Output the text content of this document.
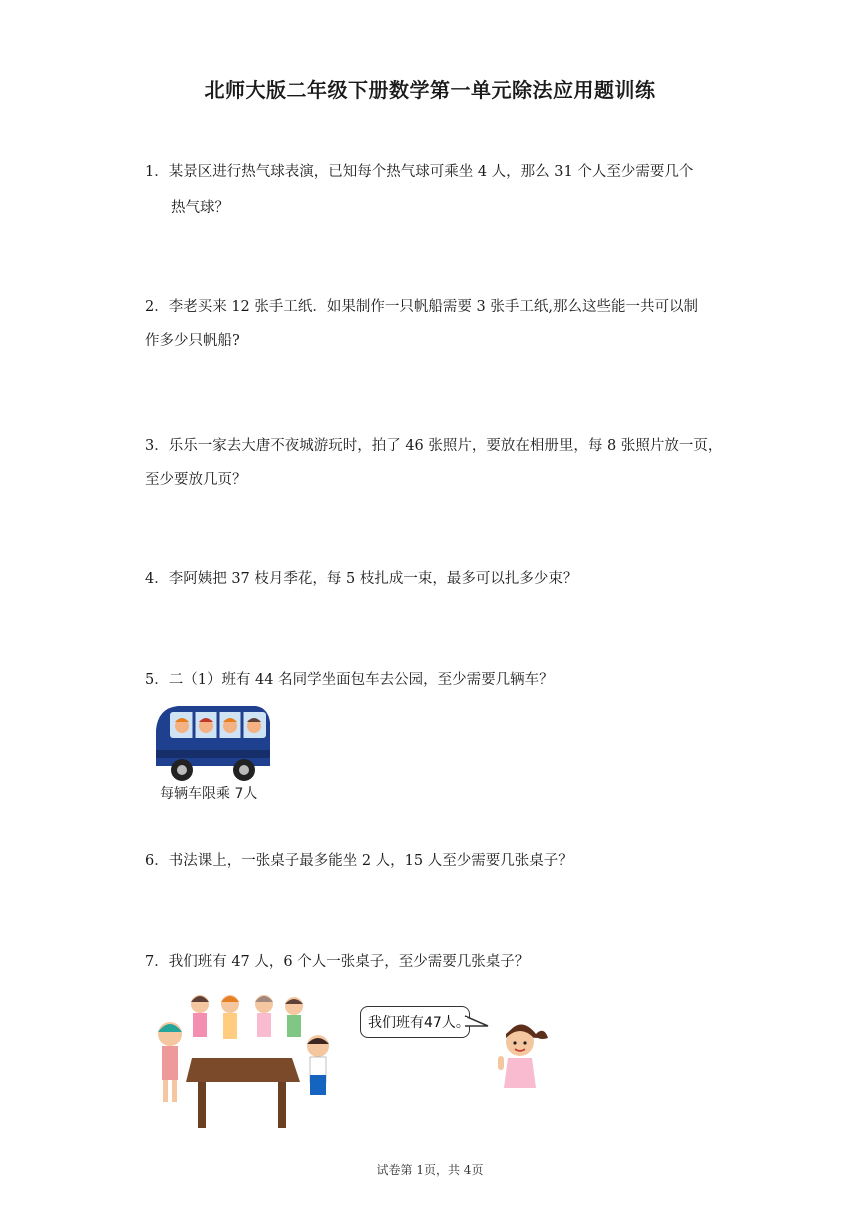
北师大版二年级下册数学第一单元除法应用题训练
1．某景区进行热气球表演，已知每个热气球可乘坐 4 人，那么 31 个人至少需要几个
热气球？
2．李老买来 12 张手工纸．如果制作一只帆船需要 3 张手工纸,那么这些能一共可以制
作多少只帆船?
3．乐乐一家去大唐不夜城游玩时，拍了 46 张照片，要放在相册里，每 8 张照片放一页，
至少要放几页？
4．李阿姨把 37 枝月季花，每 5 枝扎成一束，最多可以扎多少束？
5．二（1）班有 44 名同学坐面包车去公园，至少需要几辆车？
每辆车限乘 7人
6．书法课上，一张桌子最多能坐 2 人，15 人至少需要几张桌子？
7．我们班有 47 人，6 个人一张桌子，至少需要几张桌子？
我们班有47人。
试卷第 1页，共 4页
